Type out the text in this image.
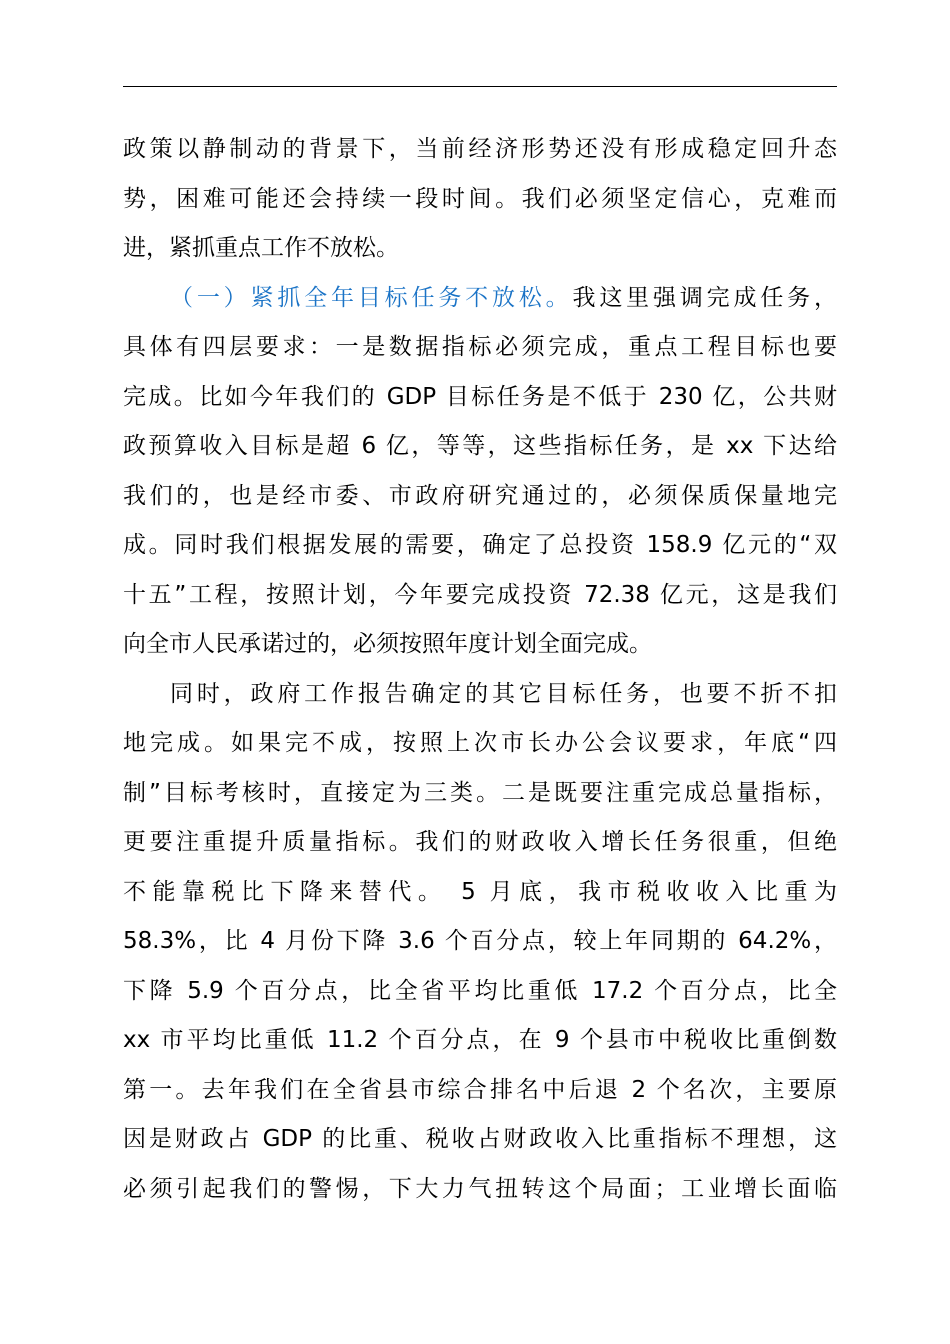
政策以静制动的背景下，当前经济形势还没有形成稳定回升态
势，困难可能还会持续一段时间。我们必须坚定信心，克难而
进，紧抓重点工作不放松。
（一）紧抓全年目标任务不放松。我这里强调完成任务，
具体有四层要求：一是数据指标必须完成，重点工程目标也要
完成。比如今年我们的 GDP 目标任务是不低于 230 亿，公共财
政预算收入目标是超 6 亿，等等，这些指标任务，是 xx 下达给
我们的，也是经市委、市政府研究通过的，必须保质保量地完
成。同时我们根据发展的需要，确定了总投资 158.9 亿元的“双
十五”工程，按照计划，今年要完成投资 72.38 亿元，这是我们
向全市人民承诺过的，必须按照年度计划全面完成。
同时，政府工作报告确定的其它目标任务，也要不折不扣
地完成。如果完不成，按照上次市长办公会议要求，年底“四
制”目标考核时，直接定为三类。二是既要注重完成总量指标，
更要注重提升质量指标。我们的财政收入增长任务很重，但绝
不能靠税比下降来替代。 5 月底，我市税收收入比重为
58.3%，比 4 月份下降 3.6 个百分点，较上年同期的 64.2%，
下降 5.9 个百分点，比全省平均比重低 17.2 个百分点，比全
xx 市平均比重低 11.2 个百分点，在 9 个县市中税收比重倒数
第一。去年我们在全省县市综合排名中后退 2 个名次，主要原
因是财政占 GDP 的比重、税收占财政收入比重指标不理想，这
必须引起我们的警惕，下大力气扭转这个局面；工业增长面临
